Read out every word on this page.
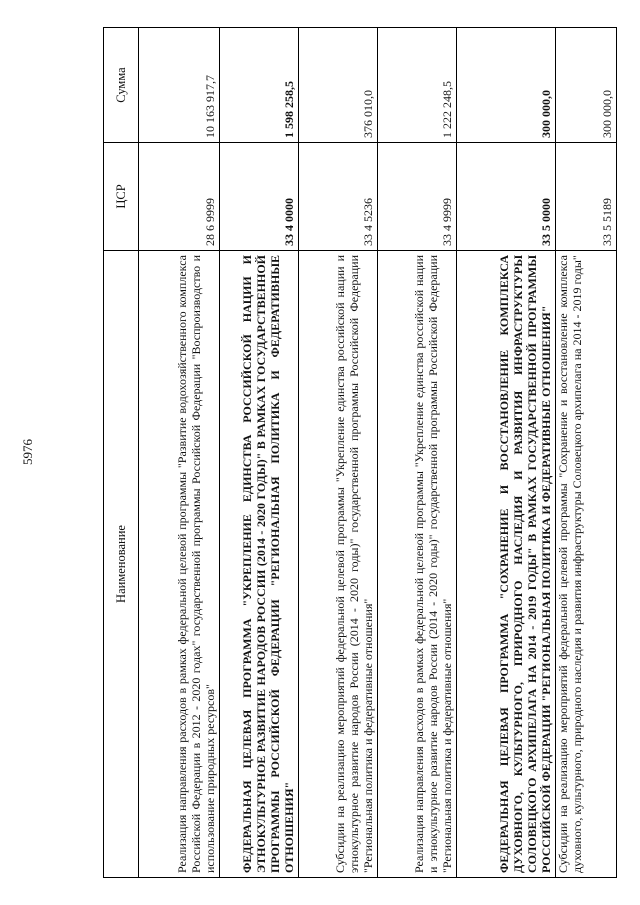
5976
Наименование	ЦСР	Сумма
Реализация направления расходов в рамках федеральной целевой программы "Развитие водохозяйственного комплекса Российской Федерации в 2012 - 2020 годах" государственной программы Российской Федерации "Воспроизводство и использование природных ресурсов"	28 6 9999	10 163 917,7
ФЕДЕРАЛЬНАЯ ЦЕЛЕВАЯ ПРОГРАММА "УКРЕПЛЕНИЕ ЕДИНСТВА РОССИЙСКОЙ НАЦИИ И ЭТНОКУЛЬТУРНОЕ РАЗВИТИЕ НАРОДОВ РОССИИ (2014 - 2020 ГОДЫ)" В РАМКАХ ГОСУДАРСТВЕННОЙ ПРОГРАММЫ РОССИЙСКОЙ ФЕДЕРАЦИИ "РЕГИОНАЛЬНАЯ ПОЛИТИКА И ФЕДЕРАТИВНЫЕ ОТНОШЕНИЯ"	33 4 0000	1 598 258,5
Субсидии на реализацию мероприятий федеральной целевой программы "Укрепление единства российской нации и этнокультурное развитие народов России (2014 - 2020 годы)" государственной программы Российской Федерации "Региональная политика и федеративные отношения"	33 4 5236	376 010,0
Реализация направления расходов в рамках федеральной целевой программы "Укрепление единства российской нации и этнокультурное развитие народов России (2014 - 2020 годы)" государственной программы Российской Федерации "Региональная политика и федеративные отношения"	33 4 9999	1 222 248,5
ФЕДЕРАЛЬНАЯ ЦЕЛЕВАЯ ПРОГРАММА "СОХРАНЕНИЕ И ВОССТАНОВЛЕНИЕ КОМПЛЕКСА ДУХОВНОГО, КУЛЬТУРНОГО, ПРИРОДНОГО НАСЛЕДИЯ И РАЗВИТИЯ ИНФРАСТРУКТУРЫ СОЛОВЕЦКОГО АРХИПЕЛАГА НА 2014 - 2019 ГОДЫ" В РАМКАХ ГОСУДАРСТВЕННОЙ ПРОГРАММЫ РОССИЙСКОЙ ФЕДЕРАЦИИ "РЕГИОНАЛЬНАЯ ПОЛИТИКА И ФЕДЕРАТИВНЫЕ ОТНОШЕНИЯ"	33 5 0000	300 000,0
Субсидии на реализацию мероприятий федеральной целевой программы "Сохранение и восстановление комплекса духовного, культурного, природного наследия и развития инфраструктуры Соловецкого архипелага на 2014 - 2019 годы"	33 5 5189	300 000,0
